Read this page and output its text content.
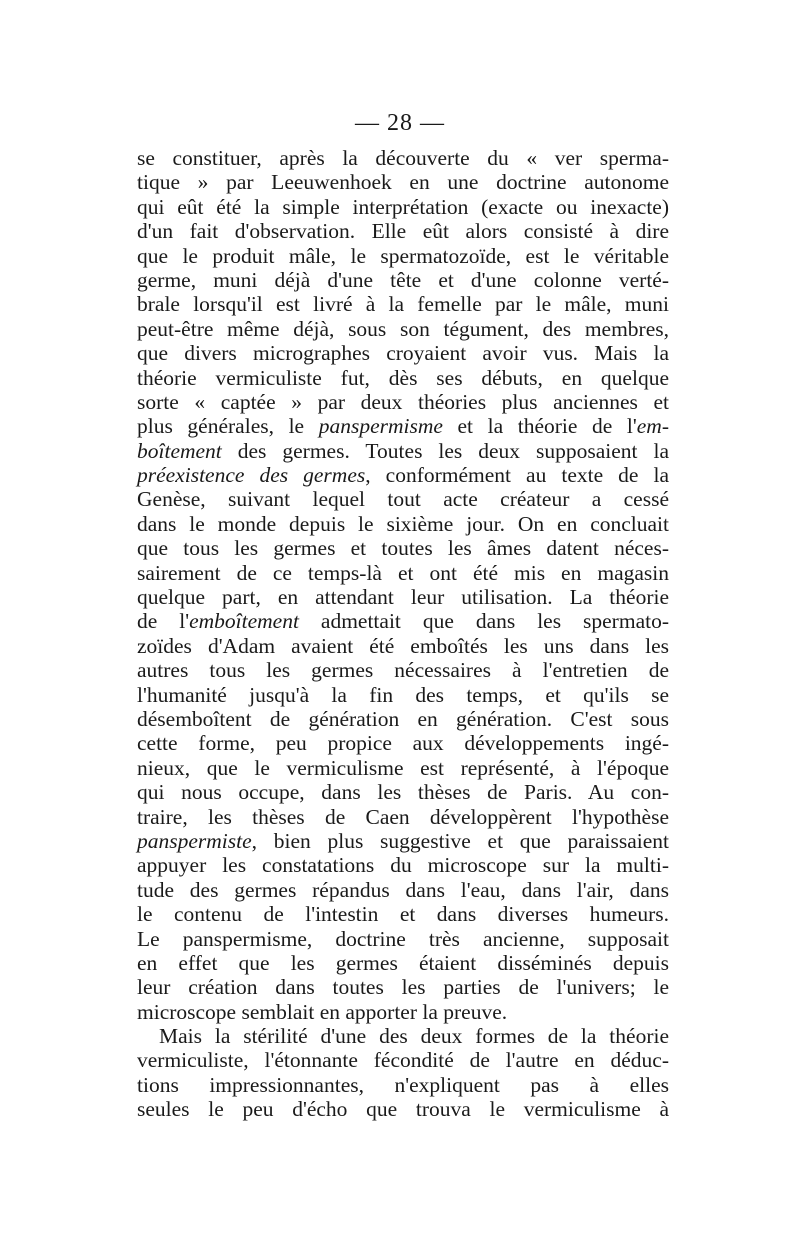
— 28 —
se constituer, après la découverte du « ver sperma-
tique » par Leeuwenhoek en une doctrine autonome
qui eût été la simple interprétation (exacte ou inexacte)
d'un fait d'observation. Elle eût alors consisté à dire
que le produit mâle, le spermatozoïde, est le véritable
germe, muni déjà d'une tête et d'une colonne verté-
brale lorsqu'il est livré à la femelle par le mâle, muni
peut-être même déjà, sous son tégument, des membres,
que divers micrographes croyaient avoir vus. Mais la
théorie vermiculiste fut, dès ses débuts, en quelque
sorte « captée » par deux théories plus anciennes et
plus générales, le panspermisme et la théorie de l'em-
boîtement des germes. Toutes les deux supposaient la
préexistence des germes, conformément au texte de la
Genèse, suivant lequel tout acte créateur a cessé
dans le monde depuis le sixième jour. On en concluait
que tous les germes et toutes les âmes datent néces-
sairement de ce temps-là et ont été mis en magasin
quelque part, en attendant leur utilisation. La théorie
de l'emboîtement admettait que dans les spermato-
zoïdes d'Adam avaient été emboîtés les uns dans les
autres tous les germes nécessaires à l'entretien de
l'humanité jusqu'à la fin des temps, et qu'ils se
désemboîtent de génération en génération. C'est sous
cette forme, peu propice aux développements ingé-
nieux, que le vermiculisme est représenté, à l'époque
qui nous occupe, dans les thèses de Paris. Au con-
traire, les thèses de Caen développèrent l'hypothèse
panspermiste, bien plus suggestive et que paraissaient
appuyer les constatations du microscope sur la multi-
tude des germes répandus dans l'eau, dans l'air, dans
le contenu de l'intestin et dans diverses humeurs.
Le panspermisme, doctrine très ancienne, supposait
en effet que les germes étaient disséminés depuis
leur création dans toutes les parties de l'univers; le
microscope semblait en apporter la preuve.
Mais la stérilité d'une des deux formes de la théorie
vermiculiste, l'étonnante fécondité de l'autre en déduc-
tions impressionnantes, n'expliquent pas à elles
seules le peu d'écho que trouva le vermiculisme à
